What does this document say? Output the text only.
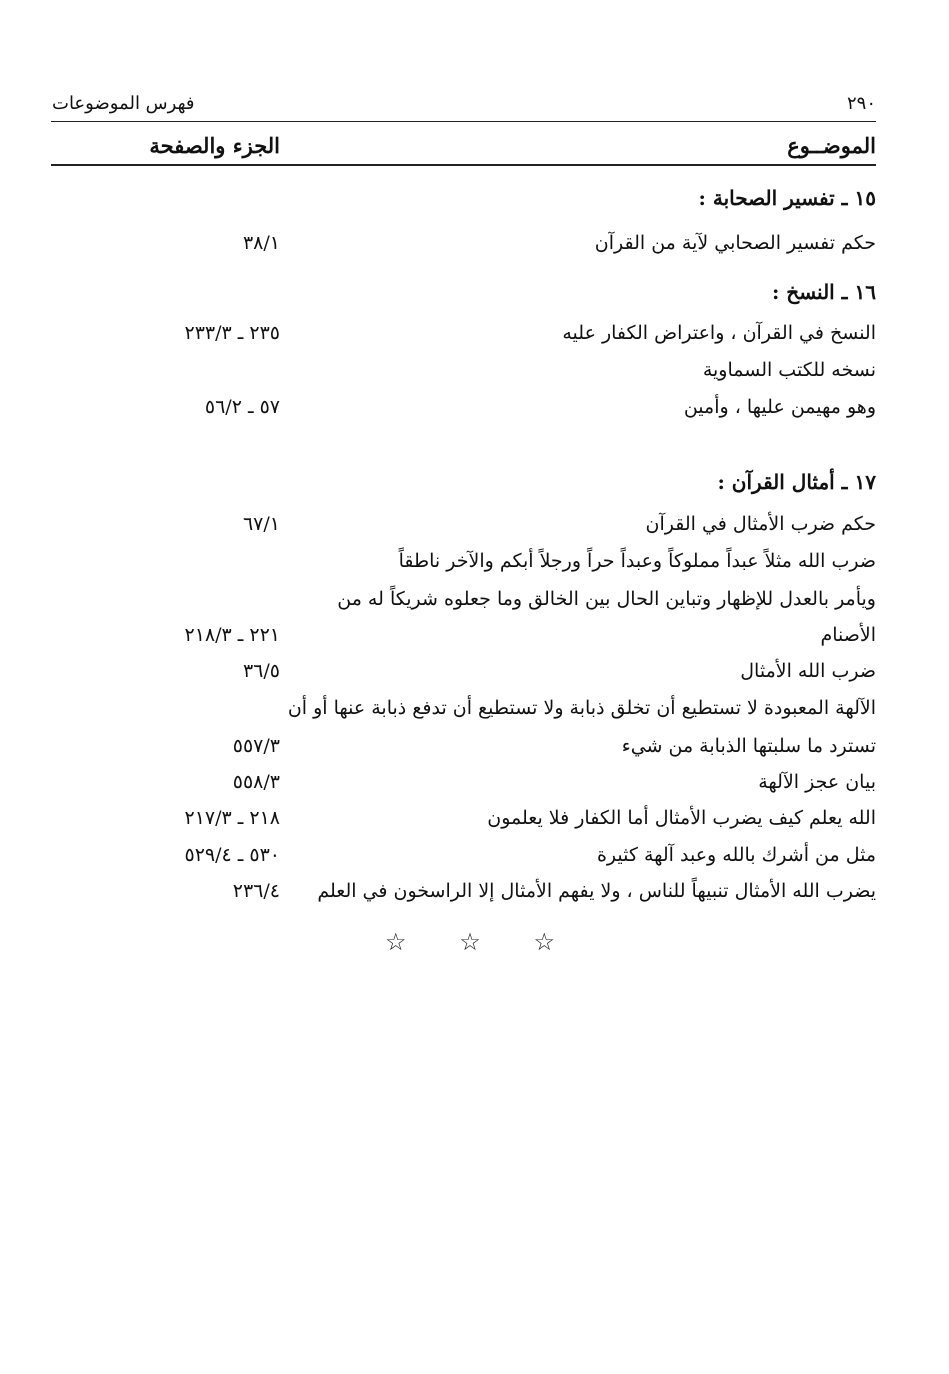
٢٩٠
فهرس الموضوعات
الموضــوع
الجزء والصفحة
١٥ ـ تفسير الصحابة :
حكم تفسير الصحابي لآية من القرآن
٣٨/١
١٦ ـ النسخ :
النسخ في القرآن ، واعتراض الكفار عليه
٢٣٥ ـ ٢٣٣/٣
نسخه للكتب السماوية
وهو مهيمن عليها ، وأمين
٥٧ ـ ٥٦/٢
١٧ ـ أمثال القرآن :
حكم ضرب الأمثال في القرآن
٦٧/١
ضرب الله مثلاً عبداً مملوكاً وعبداً حراً ورجلاً أبكم والآخر ناطقاً
ويأمر بالعدل للإظهار وتباين الحال بين الخالق وما جعلوه شريكاً له من
الأصنام
٢٢١ ـ ٢١٨/٣
ضرب الله الأمثال
٣٦/٥
الآلهة المعبودة لا تستطيع أن تخلق ذبابة ولا تستطيع أن تدفع ذبابة عنها أو أن
تسترد ما سلبتها الذبابة من شيء
٥٥٧/٣
بيان عجز الآلهة
٥٥٨/٣
الله يعلم كيف يضرب الأمثال أما الكفار فلا يعلمون
٢١٨ ـ ٢١٧/٣
مثل من أشرك بالله وعبد آلهة كثيرة
٥٣٠ ـ ٥٢٩/٤
يضرب الله الأمثال تنبيهاً للناس ، ولا يفهم الأمثال إلا الراسخون في العلم
٢٣٦/٤
☆ ☆ ☆
